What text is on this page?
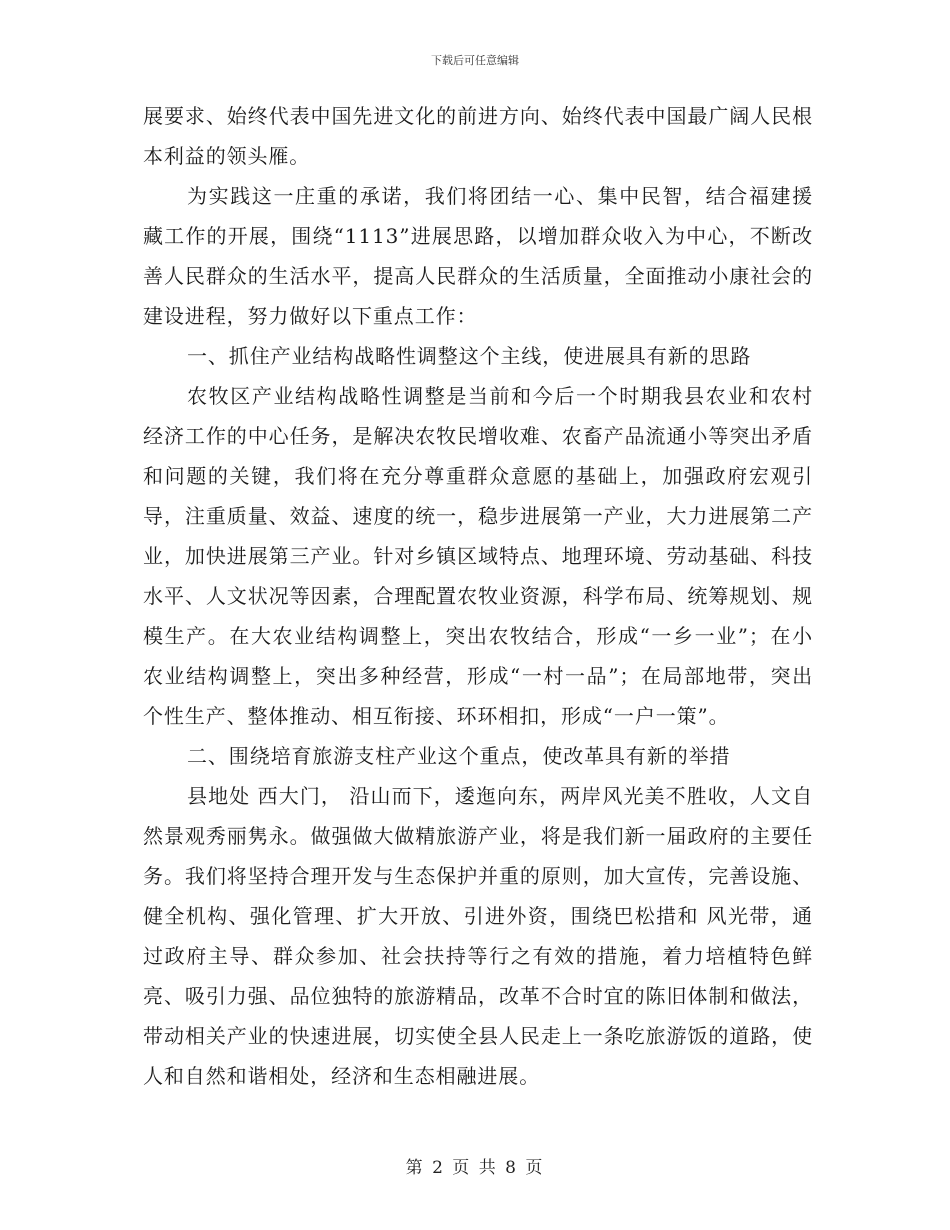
下载后可任意编辑

展要求、始终代表中国先进文化的前进方向、始终代表中国最广阔人民根本利益的领头雁。

为实践这一庄重的承诺，我们将团结一心、集中民智，结合福建援藏工作的开展，围绕“1113”进展思路，以增加群众收入为中心，不断改善人民群众的生活水平，提高人民群众的生活质量，全面推动小康社会的建设进程，努力做好以下重点工作：

一、抓住产业结构战略性调整这个主线，使进展具有新的思路

农牧区产业结构战略性调整是当前和今后一个时期我县农业和农村经济工作的中心任务，是解决农牧民增收难、农畜产品流通小等突出矛盾和问题的关键，我们将在充分尊重群众意愿的基础上，加强政府宏观引导，注重质量、效益、速度的统一，稳步进展第一产业，大力进展第二产业，加快进展第三产业。针对乡镇区域特点、地理环境、劳动基础、科技水平、人文状况等因素，合理配置农牧业资源，科学布局、统筹规划、规模生产。在大农业结构调整上，突出农牧结合，形成“一乡一业”；在小农业结构调整上，突出多种经营，形成“一村一品”；在局部地带，突出个性生产、整体推动、相互衔接、环环相扣，形成“一户一策”。

二、围绕培育旅游支柱产业这个重点，使改革具有新的举措

县地处 西大门， 沿山而下，逶迤向东，两岸风光美不胜收，人文自然景观秀丽隽永。做强做大做精旅游产业，将是我们新一届政府的主要任务。我们将坚持合理开发与生态保护并重的原则，加大宣传，完善设施、健全机构、强化管理、扩大开放、引进外资，围绕巴松措和 风光带，通过政府主导、群众参加、社会扶持等行之有效的措施，着力培植特色鲜亮、吸引力强、品位独特的旅游精品，改革不合时宜的陈旧体制和做法，带动相关产业的快速进展，切实使全县人民走上一条吃旅游饭的道路，使人和自然和谐相处，经济和生态相融进展。

第 2 页 共 8 页
